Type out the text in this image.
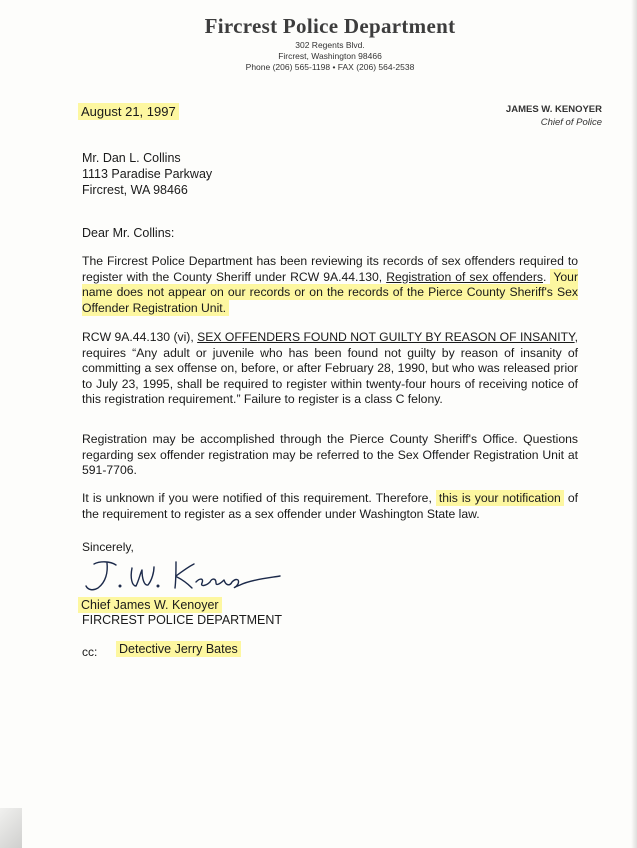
Fircrest Police Department
302 Regents Blvd.
Fircrest, Washington 98466
Phone (206) 565-1198 • FAX (206) 564-2538
August 21, 1997	JAMES W. KENOYER
Chief of Police
Mr. Dan L. Collins
1113 Paradise Parkway
Fircrest, WA 98466
Dear Mr. Collins:
The Fircrest Police Department has been reviewing its records of sex offenders required to register with the County Sheriff under RCW 9A.44.130, Registration of sex offenders. Your name does not appear on our records or on the records of the Pierce County Sheriff's Sex Offender Registration Unit.
RCW 9A.44.130 (vi), SEX OFFENDERS FOUND NOT GUILTY BY REASON OF INSANITY, requires “Any adult or juvenile who has been found not guilty by reason of insanity of committing a sex offense on, before, or after February 28, 1990, but who was released prior to July 23, 1995, shall be required to register within twenty-four hours of receiving notice of this registration requirement.” Failure to register is a class C felony.
Registration may be accomplished through the Pierce County Sheriff's Office. Questions regarding sex offender registration may be referred to the Sex Offender Registration Unit at 591-7706.
It is unknown if you were notified of this requirement. Therefore, this is your notification of the requirement to register as a sex offender under Washington State law.
Sincerely,
Chief James W. Kenoyer
FIRCREST POLICE DEPARTMENT
cc: Detective Jerry Bates
